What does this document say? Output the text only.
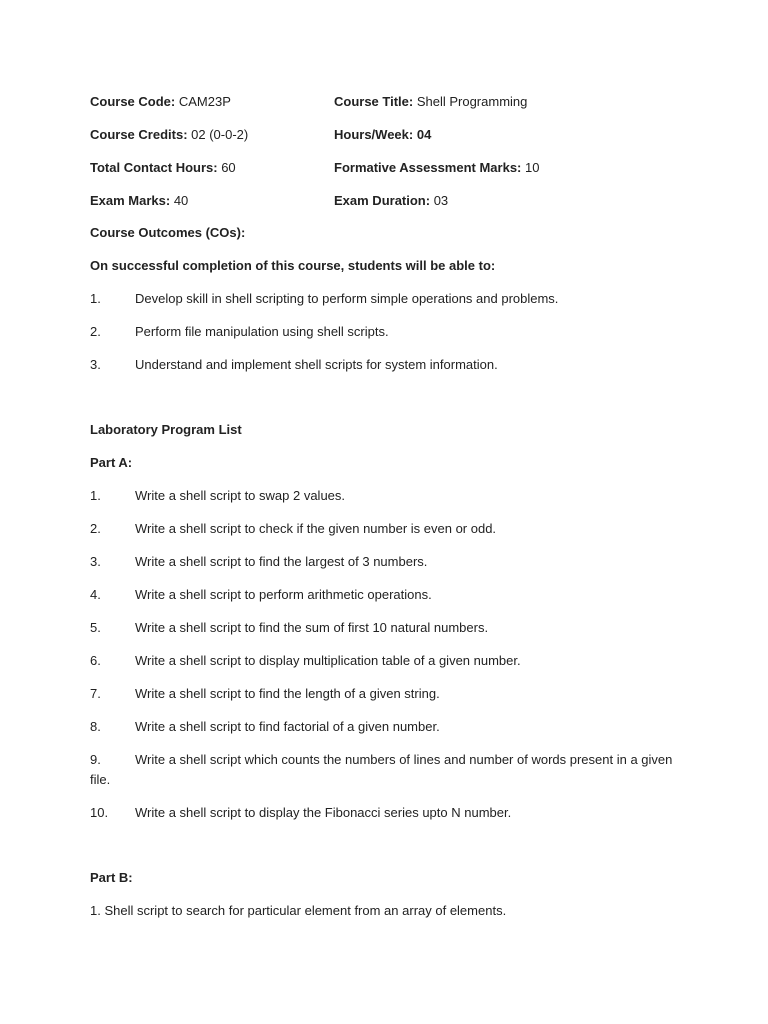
Course Code: CAM23P	Course Title: Shell Programming
Course Credits: 02 (0-0-2)	Hours/Week: 04
Total Contact Hours: 60	Formative Assessment Marks: 10
Exam Marks: 40	Exam Duration: 03
Course Outcomes (COs):
On successful completion of this course, students will be able to:
1.	Develop skill in shell scripting to perform simple operations and problems.
2.	Perform file manipulation using shell scripts.
3.	Understand and implement shell scripts for system information.
Laboratory Program List
Part A:
1.	Write a shell script to swap 2 values.
2.	Write a shell script to check if the given number is even or odd.
3.	Write a shell script to find the largest of 3 numbers.
4.	Write a shell script to perform arithmetic operations.
5.	Write a shell script to find the sum of first 10 natural numbers.
6.	Write a shell script to display multiplication table of a given number.
7.	Write a shell script to find the length of a given string.
8.	Write a shell script to find factorial of a given number.
9.	Write a shell script which counts the numbers of lines and number of words present in a given file.
10. Write a shell script to display the Fibonacci series upto N number.
Part B:
1. Shell script to search for particular element from an array of elements.
